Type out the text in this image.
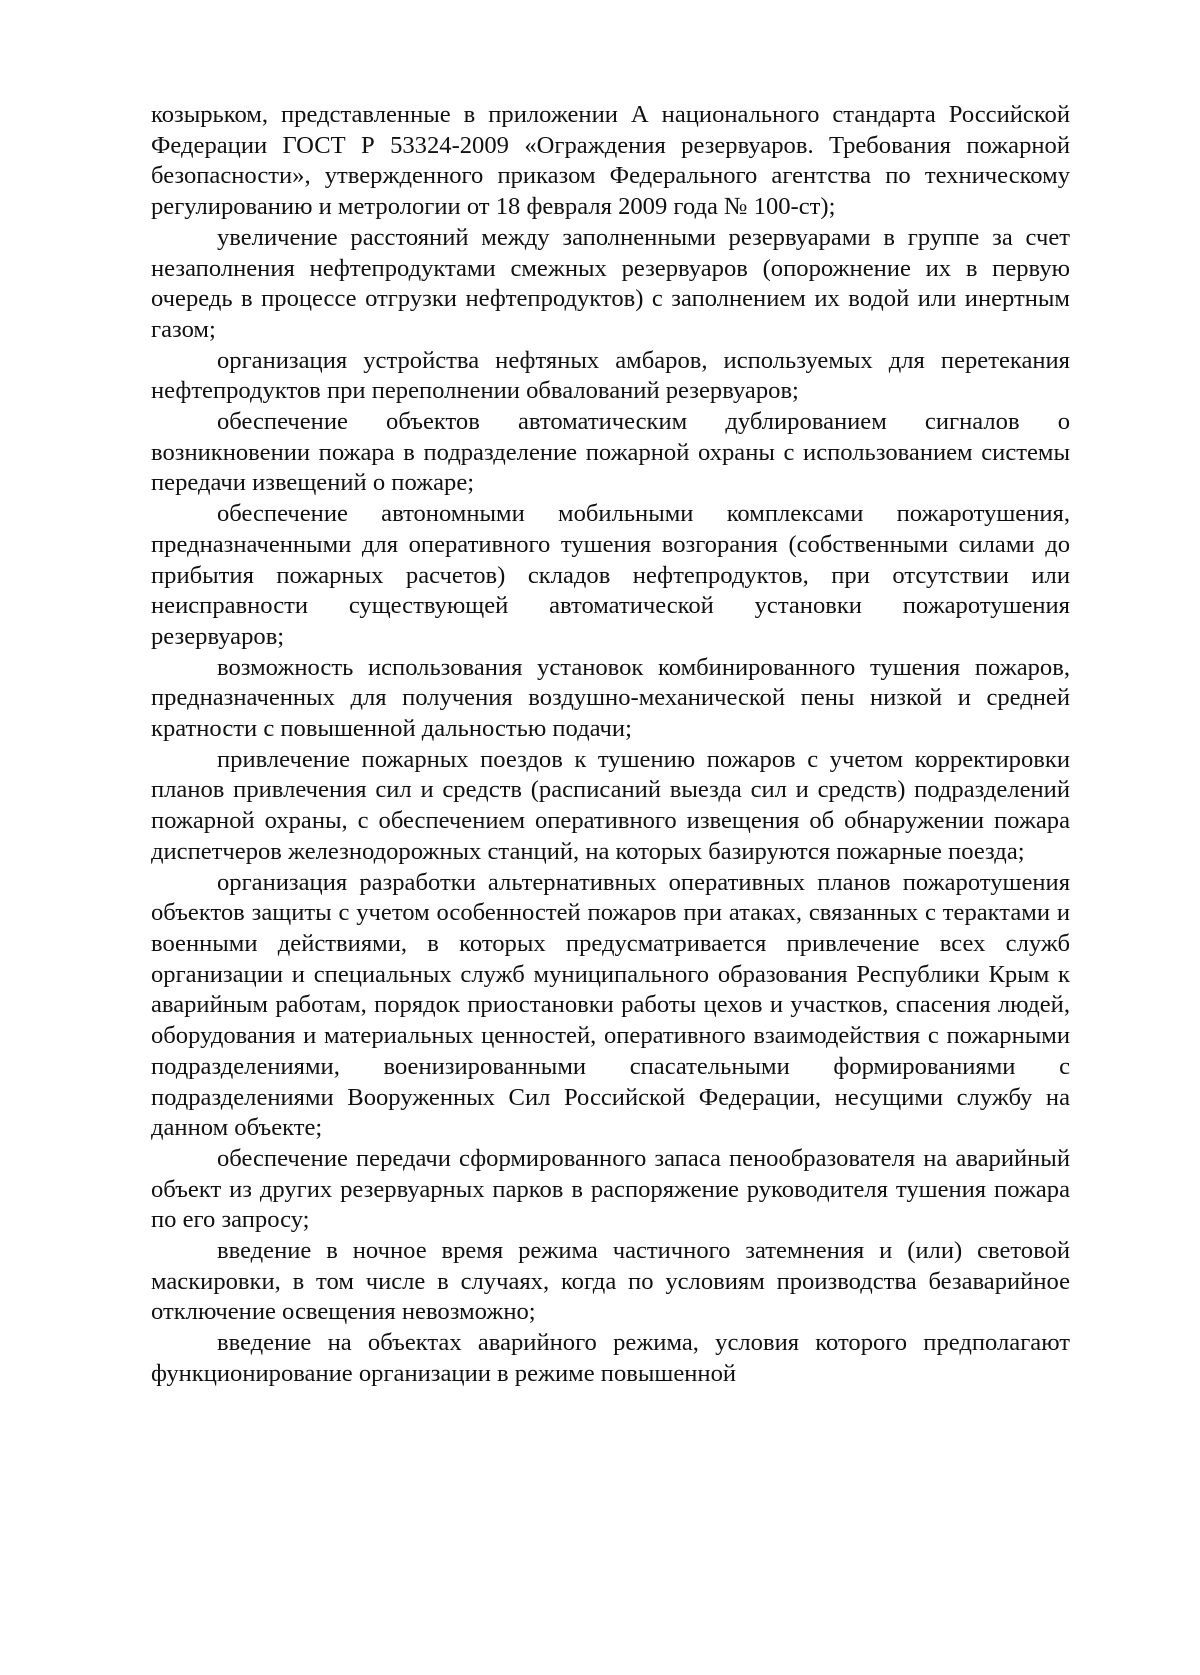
козырьком, представленные в приложении А национального стандарта Российской Федерации ГОСТ Р 53324-2009 «Ограждения резервуаров. Требования пожарной безопасности», утвержденного приказом Федерального агентства по техническому регулированию и метрологии от 18 февраля 2009 года № 100-ст);

увеличение расстояний между заполненными резервуарами в группе за счет незаполнения нефтепродуктами смежных резервуаров (опорожнение их в первую очередь в процессе отгрузки нефтепродуктов) с заполнением их водой или инертным газом;

организация устройства нефтяных амбаров, используемых для перетекания нефтепродуктов при переполнении обвалований резервуаров;

обеспечение объектов автоматическим дублированием сигналов о возникновении пожара в подразделение пожарной охраны с использованием системы передачи извещений о пожаре;

обеспечение автономными мобильными комплексами пожаротушения, предназначенными для оперативного тушения возгорания (собственными силами до прибытия пожарных расчетов) складов нефтепродуктов, при отсутствии или неисправности существующей автоматической установки пожаротушения резервуаров;

возможность использования установок комбинированного тушения пожаров, предназначенных для получения воздушно-механической пены низкой и средней кратности с повышенной дальностью подачи;

привлечение пожарных поездов к тушению пожаров с учетом корректировки планов привлечения сил и средств (расписаний выезда сил и средств) подразделений пожарной охраны, с обеспечением оперативного извещения об обнаружении пожара диспетчеров железнодорожных станций, на которых базируются пожарные поезда;

организация разработки альтернативных оперативных планов пожаротушения объектов защиты с учетом особенностей пожаров при атаках, связанных с терактами и военными действиями, в которых предусматривается привлечение всех служб организации и специальных служб муниципального образования Республики Крым к аварийным работам, порядок приостановки работы цехов и участков, спасения людей, оборудования и материальных ценностей, оперативного взаимодействия с пожарными подразделениями, военизированными спасательными формированиями с подразделениями Вооруженных Сил Российской Федерации, несущими службу на данном объекте;

обеспечение передачи сформированного запаса пенообразователя на аварийный объект из других резервуарных парков в распоряжение руководителя тушения пожара по его запросу;

введение в ночное время режима частичного затемнения и (или) световой маскировки, в том числе в случаях, когда по условиям производства безаварийное отключение освещения невозможно;

введение на объектах аварийного режима, условия которого предполагают функционирование организации в режиме повышенной
